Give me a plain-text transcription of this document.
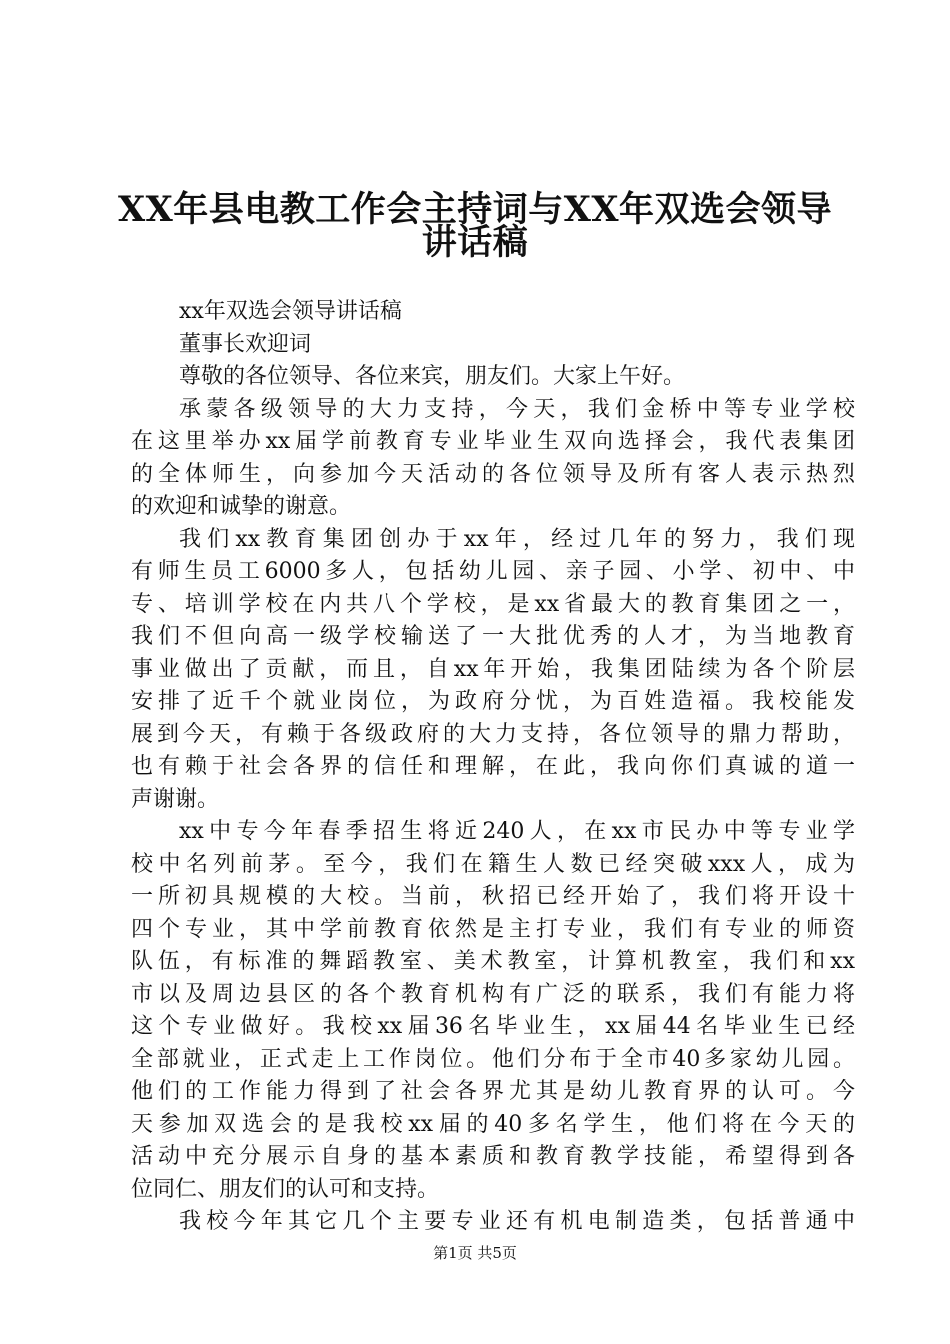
XX年县电教工作会主持词与XX年双选会领导
讲话稿
xx年双选会领导讲话稿
董事长欢迎词
尊敬的各位领导、各位来宾，朋友们。大家上午好。
承蒙各级领导的大力支持，今天，我们金桥中等专业学校
在这里举办xx届学前教育专业毕业生双向选择会，我代表集团
的全体师生，向参加今天活动的各位领导及所有客人表示热烈
的欢迎和诚挚的谢意。
我们xx教育集团创办于xx年，经过几年的努力，我们现
有师生员工6000多人，包括幼儿园、亲子园、小学、初中、中
专、培训学校在内共八个学校，是xx省最大的教育集团之一，
我们不但向高一级学校输送了一大批优秀的人才，为当地教育
事业做出了贡献，而且，自xx年开始，我集团陆续为各个阶层
安排了近千个就业岗位，为政府分忧，为百姓造福。我校能发
展到今天，有赖于各级政府的大力支持，各位领导的鼎力帮助，
也有赖于社会各界的信任和理解，在此，我向你们真诚的道一
声谢谢。
xx中专今年春季招生将近240人，在xx市民办中等专业学
校中名列前茅。至今，我们在籍生人数已经突破xxx人，成为
一所初具规模的大校。当前，秋招已经开始了，我们将开设十
四个专业，其中学前教育依然是主打专业，我们有专业的师资
队伍，有标准的舞蹈教室、美术教室，计算机教室，我们和xx
市以及周边县区的各个教育机构有广泛的联系，我们有能力将
这个专业做好。我校xx届36名毕业生，xx届44名毕业生已经
全部就业，正式走上工作岗位。他们分布于全市40多家幼儿园。
他们的工作能力得到了社会各界尤其是幼儿教育界的认可。今
天参加双选会的是我校xx届的40多名学生，他们将在今天的
活动中充分展示自身的基本素质和教育教学技能，希望得到各
位同仁、朋友们的认可和支持。
我校今年其它几个主要专业还有机电制造类，包括普通中
第1页 共5页
